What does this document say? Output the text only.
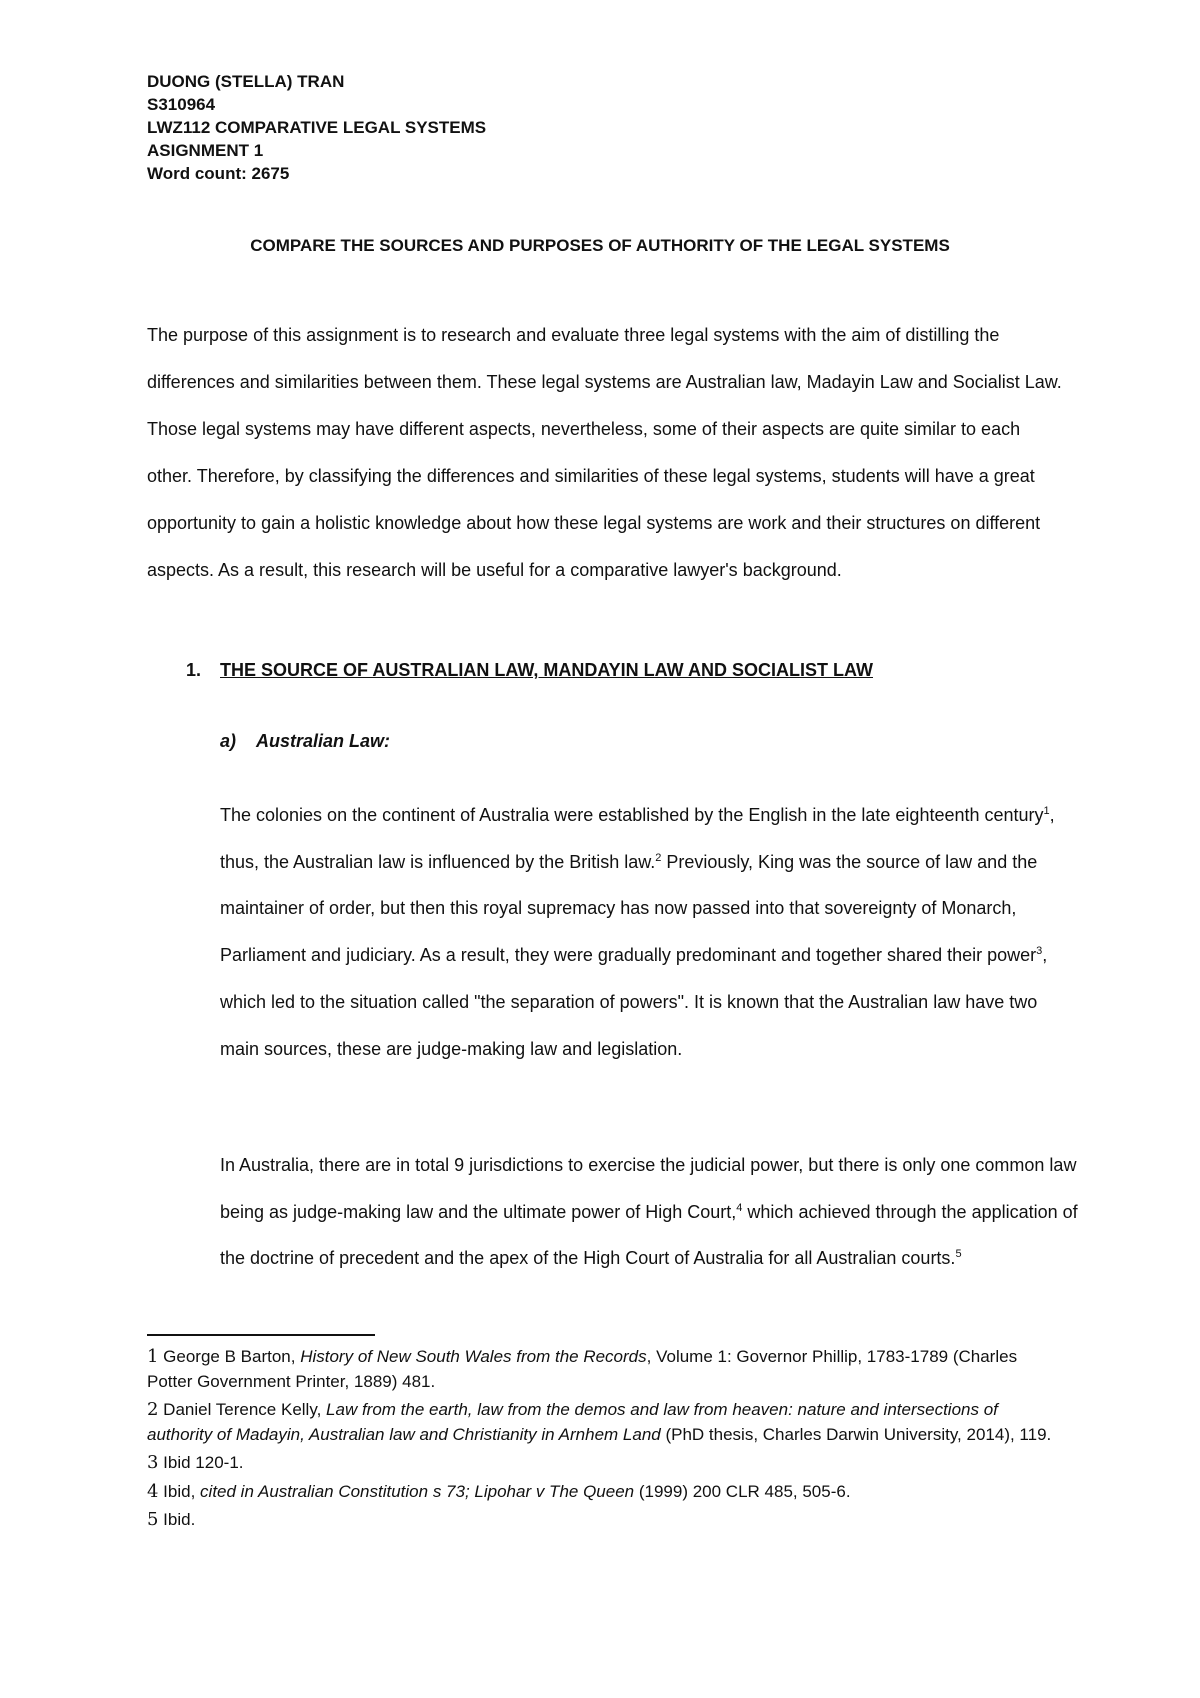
DUONG (STELLA) TRAN
S310964
LWZ112 COMPARATIVE LEGAL SYSTEMS
ASIGNMENT 1
Word count: 2675
COMPARE THE SOURCES AND PURPOSES OF AUTHORITY OF THE LEGAL SYSTEMS

The purpose of this assignment is to research and evaluate three legal systems with the aim of distilling the differences and similarities between them. These legal systems are Australian law, Madayin Law and Socialist Law. Those legal systems may have different aspects, nevertheless, some of their aspects are quite similar to each other. Therefore, by classifying the differences and similarities of these legal systems, students will have a great opportunity to gain a holistic knowledge about how these legal systems are work and their structures on different aspects. As a result, this research will be useful for a comparative lawyer's background.

1. THE SOURCE OF AUSTRALIAN LAW, MANDAYIN LAW AND SOCIALIST LAW
a) Australian Law:

The colonies on the continent of Australia were established by the English in the late eighteenth century$^1$, thus, the Australian law is influenced by the British law.$^2$ Previously, King was the source of law and the maintainer of order, but then this royal supremacy has now passed into that sovereignty of Monarch, Parliament and judiciary. As a result, they were gradually predominant and together shared their power$^3$, which led to the situation called "the separation of powers". It is known that the Australian law have two main sources, these are judge-making law and legislation.

In Australia, there are in total 9 jurisdictions to exercise the judicial power, but there is only one common law being as judge-making law and the ultimate power of High Court,$^4$ which achieved through the application of the doctrine of precedent and the apex of the High Court of Australia for all Australian courts.$^5$

1 George B Barton, History of New South Wales from the Records, Volume 1: Governor Phillip, 1783-1789 (Charles Potter Government Printer, 1889) 481.

2 Daniel Terence Kelly, Law from the earth, law from the demos and law from heaven: nature and intersections of authority of Madayin, Australian law and Christianity in Arnhem Land (PhD thesis, Charles Darwin University, 2014), 119.

3 Ibid 120-1.

4 Ibid, cited in Australian Constitution s 73; Lipohar v The Queen (1999) 200 CLR 485, 505-6.

5 Ibid.
